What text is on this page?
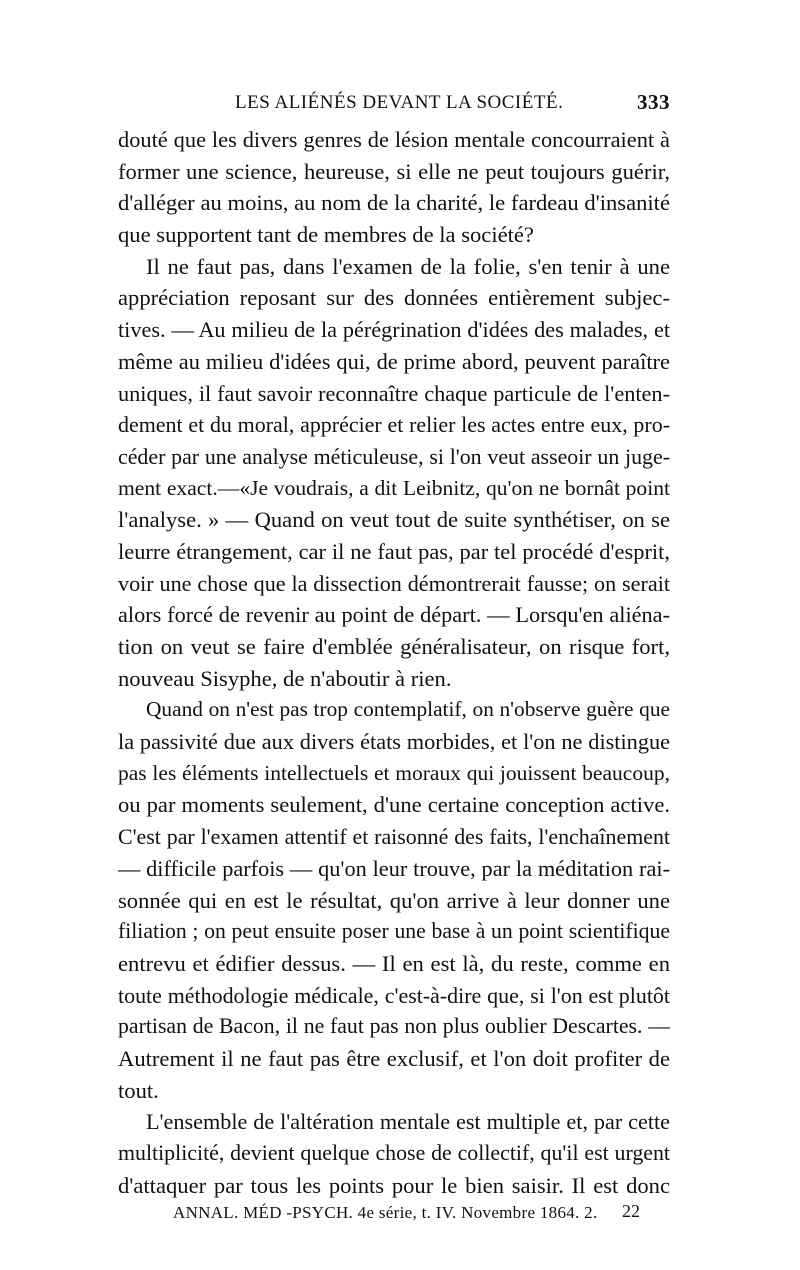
LES ALIÉNÉS DEVANT LA SOCIÉTÉ.	333
douté que les divers genres de lésion mentale concourraient à
former une science, heureuse, si elle ne peut toujours guérir,
d'alléger au moins, au nom de la charité, le fardeau d'insanité
que supportent tant de membres de la société?
Il ne faut pas, dans l'examen de la folie, s'en tenir à une
appréciation reposant sur des données entièrement subjec-
tives. — Au milieu de la pérégrination d'idées des malades, et
même au milieu d'idées qui, de prime abord, peuvent paraître
uniques, il faut savoir reconnaître chaque particule de l'enten-
dement et du moral, apprécier et relier les actes entre eux, pro-
céder par une analyse méticuleuse, si l'on veut asseoir un juge-
ment exact.—«Je voudrais, a dit Leibnitz, qu'on ne bornât point
l'analyse. » — Quand on veut tout de suite synthétiser, on se
leurre étrangement, car il ne faut pas, par tel procédé d'esprit,
voir une chose que la dissection démontrerait fausse; on serait
alors forcé de revenir au point de départ. — Lorsqu'en aliéna-
tion on veut se faire d'emblée généralisateur, on risque fort,
nouveau Sisyphe, de n'aboutir à rien.
Quand on n'est pas trop contemplatif, on n'observe guère que
la passivité due aux divers états morbides, et l'on ne distingue
pas les éléments intellectuels et moraux qui jouissent beaucoup,
ou par moments seulement, d'une certaine conception active.
C'est par l'examen attentif et raisonné des faits, l'enchaînement
— difficile parfois — qu'on leur trouve, par la méditation rai-
sonnée qui en est le résultat, qu'on arrive à leur donner une
filiation ; on peut ensuite poser une base à un point scientifique
entrevu et édifier dessus. — Il en est là, du reste, comme en
toute méthodologie médicale, c'est-à-dire que, si l'on est plutôt
partisan de Bacon, il ne faut pas non plus oublier Descartes. —
Autrement il ne faut pas être exclusif, et l'on doit profiter de
tout.
L'ensemble de l'altération mentale est multiple et, par cette
multiplicité, devient quelque chose de collectif, qu'il est urgent
d'attaquer par tous les points pour le bien saisir. Il est donc
ANNAL. MÉD -PSYCH. 4e série, t. IV. Novembre 1864. 2. 22
